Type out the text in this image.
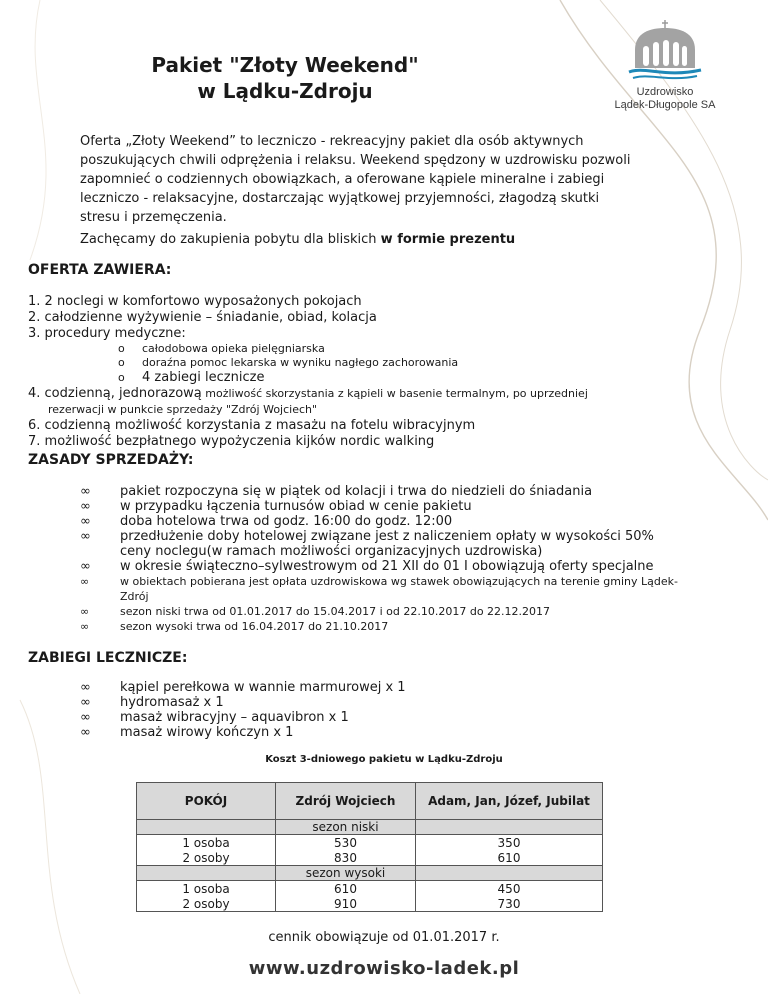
Pakiet "Złoty Weekend"
w Lądku-Zdroju	Uzdrowisko
Lądek-Długopole SA
Oferta „Złoty Weekend” to leczniczo - rekreacyjny pakiet dla osób aktywnych poszukujących chwili odprężenia i relaksu. Weekend spędzony w uzdrowisku pozwoli zapomnieć o codziennych obowiązkach, a oferowane kąpiele mineralne i zabiegi leczniczo - relaksacyjne, dostarczając wyjątkowej przyjemności, złagodzą skutki stresu i przemęczenia.
Zachęcamy do zakupienia pobytu dla bliskich w formie prezentu
OFERTA ZAWIERA:
1. 2 noclegi w komfortowo wyposażonych pokojach
2. całodzienne wyżywienie – śniadanie, obiad, kolacja
3. procedury medyczne:
o całodobowa opieka pielęgniarska
o doraźna pomoc lekarska w wyniku nagłego zachorowania
o 4 zabiegi lecznicze
4. codzienną, jednorazową możliwość skorzystania z kąpieli w basenie termalnym, po uprzedniej
rezerwacji w punkcie sprzedaży "Zdrój Wojciech"
6. codzienną możliwość korzystania z masażu na fotelu wibracyjnym
7. możliwość bezpłatnego wypożyczenia kijków nordic walking
ZASADY SPRZEDAŻY:
∞ pakiet rozpoczyna się w piątek od kolacji i trwa do niedzieli do śniadania
∞ w przypadku łączenia turnusów obiad w cenie pakietu
∞ doba hotelowa trwa od godz. 16:00 do godz. 12:00
∞ przedłużenie doby hotelowej związane jest z naliczeniem opłaty w wysokości 50% ceny noclegu(w ramach możliwości organizacyjnych uzdrowiska)
∞ w okresie świąteczno–sylwestrowym od 21 XII do 01 I obowiązują oferty specjalne
∞	w obiektach pobierana jest opłata uzdrowiskowa wg stawek obowiązujących na terenie gminy Lądek-Zdrój
∞	sezon niski trwa od 01.01.2017 do 15.04.2017 i od 22.10.2017 do 22.12.2017
∞	sezon wysoki trwa od 16.04.2017 do 21.10.2017
ZABIEGI LECZNICZE:
∞ kąpiel perełkowa w wannie marmurowej x 1
∞ hydromasaż x 1
∞ masaż wibracyjny – aquavibron x 1
∞ masaż wirowy kończyn x 1
Koszt 3-dniowego pakietu w Lądku-Zdroju
POKÓJ	Zdrój Wojciech	Adam, Jan, Józef, Jubilat
	sezon niski	
1 osoba	530	350
2 osoby	830	610
	sezon wysoki	
1 osoba	610	450
2 osoby	910	730
cennik obowiązuje od 01.01.2017 r.
www.uzdrowisko-ladek.pl
